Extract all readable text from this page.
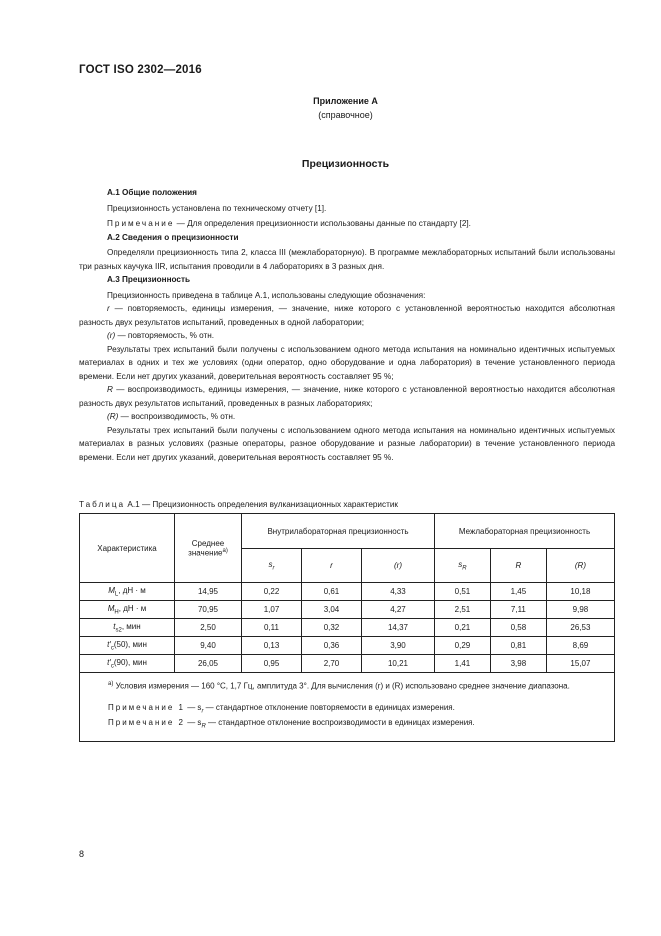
ГОСТ ISO 2302—2016
Приложение А
(справочное)
Прецизионность

А.1 Общие положения

Прецизионность установлена по техническому отчету [1].

Примечание — Для определения прецизионности использованы данные по стандарту [2].

А.2 Сведения о прецизионности

Определяли прецизионность типа 2, класса III (межлабораторную). В программе межлабораторных испытаний были использованы три разных каучука IIR, испытания проводили в 4 лабораториях в 3 разных дня.

А.3 Прецизионность

Прецизионность приведена в таблице А.1, использованы следующие обозначения:

r — повторяемость, единицы измерения, — значение, ниже которого с установленной вероятностью находится абсолютная разность двух результатов испытаний, проведенных в одной лаборатории;

(r) — повторяемость, % отн.

Результаты трех испытаний были получены с использованием одного метода испытания на номинально идентичных испытуемых материалах в одних и тех же условиях (одни оператор, одно оборудование и одна лаборатория) в течение установленного периода времени. Если нет других указаний, доверительная вероятность составляет 95 %;

R — воспроизводимость, единицы измерения, — значение, ниже которого с установленной вероятностью находится абсолютная разность двух результатов испытаний, проведенных в разных лабораториях;

(R) — воспроизводимость, % отн.

Результаты трех испытаний были получены с использованием одного метода испытания на номинально идентичных испытуемых материалах в разных условиях (разные операторы, разное оборудование и разные лаборатории) в течение установленного периода времени. Если нет других указаний, доверительная вероятность составляет 95 %.

Таблица А.1 — Прецизионность определения вулканизационных характеристик
Характеристика	Среднее значение$^{а)}$	Внутрилабораторная прецизионность			Межлабораторная прецизионность		
		$s_r$	r	(r)	$s_R$	R	(R)
$M_L$, дН · м	14,95	0,22	0,61	4,33	0,51	1,45	10,18
$M_H$, дН · м	70,95	1,07	3,04	4,27	2,51	7,11	9,98
$t_{s2}$, мин	2,50	0,11	0,32	14,37	0,21	0,58	26,53
$t'_c(50)$, мин	9,40	0,13	0,36	3,90	0,29	0,81	8,69
$t'_c(90)$, мин	26,05	0,95	2,70	10,21	1,41	3,98	15,07

$^{а)}$ Условия измерения — 160 °С, 1,7 Гц, амплитуда 3°. Для вычисления (r) и (R) использовано среднее значение диапазона.

Примечание 1 — $s_r$ — стандартное отклонение повторяемости в единицах измерения.

Примечание 2 — $s_R$ — стандартное отклонение воспроизводимости в единицах измерения.							

8
